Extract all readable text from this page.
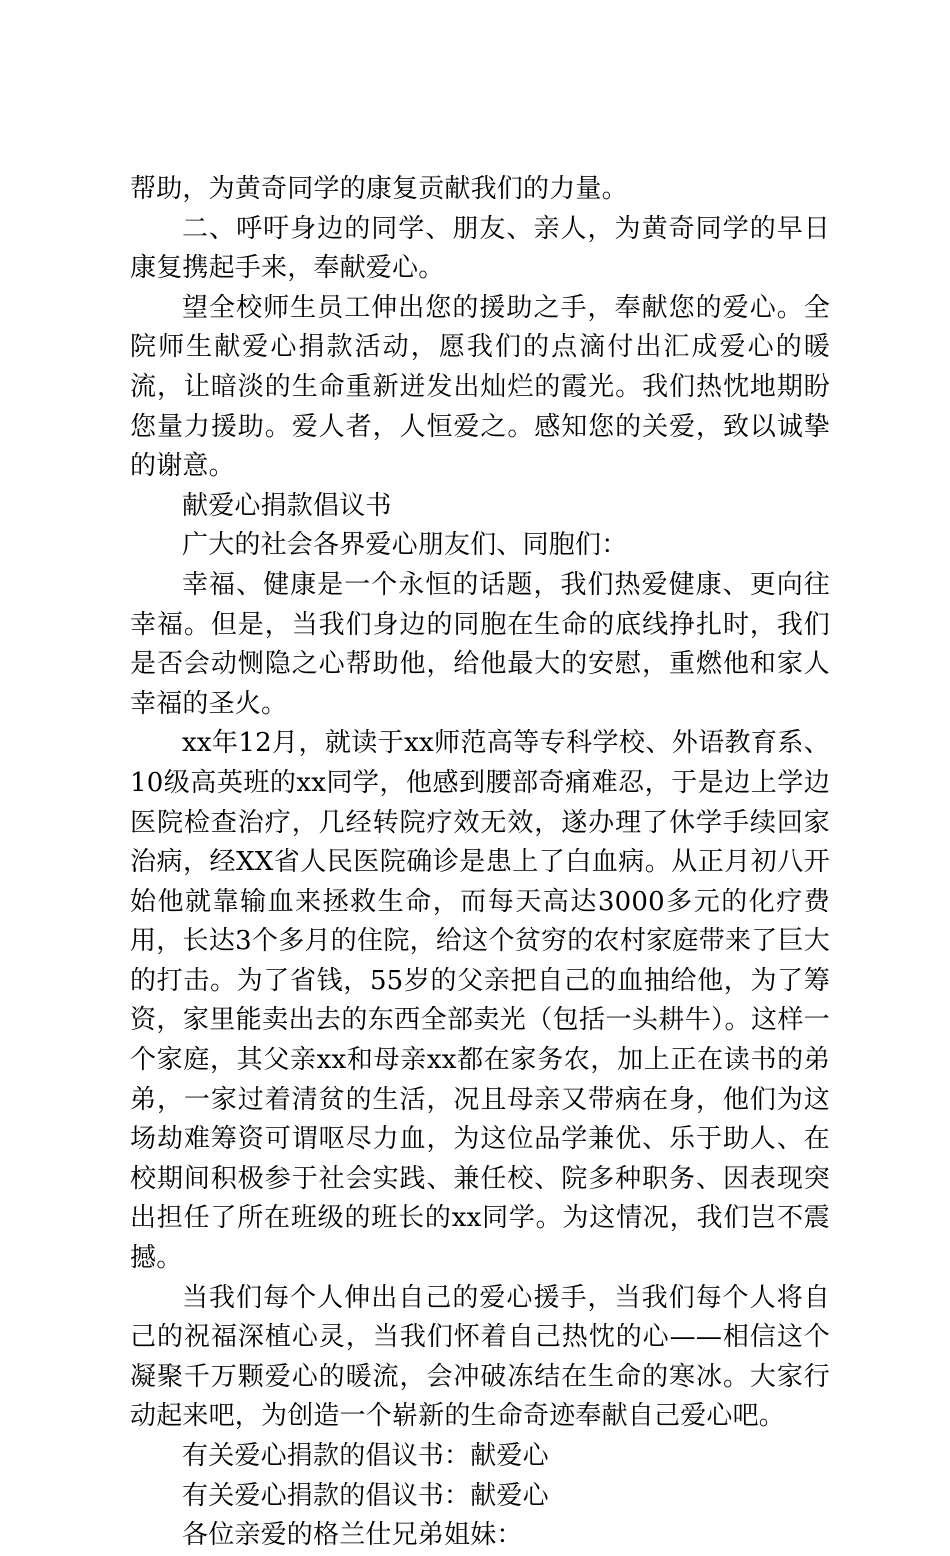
帮助，为黄奇同学的康复贡献我们的力量。

二、呼吁身边的同学、朋友、亲人，为黄奇同学的早日康复携起手来，奉献爱心。

望全校师生员工伸出您的援助之手，奉献您的爱心。全院师生献爱心捐款活动，愿我们的点滴付出汇成爱心的暖流，让暗淡的生命重新迸发出灿烂的霞光。我们热忱地期盼您量力援助。爱人者，人恒爱之。感知您的关爱，致以诚挚的谢意。

献爱心捐款倡议书

广大的社会各界爱心朋友们、同胞们：

幸福、健康是一个永恒的话题，我们热爱健康、更向往幸福。但是，当我们身边的同胞在生命的底线挣扎时，我们是否会动恻隐之心帮助他，给他最大的安慰，重燃他和家人幸福的圣火。

xx年12月，就读于xx师范高等专科学校、外语教育系、10级高英班的xx同学，他感到腰部奇痛难忍，于是边上学边医院检查治疗，几经转院疗效无效，遂办理了休学手续回家治病，经XX省人民医院确诊是患上了白血病。从正月初八开始他就靠输血来拯救生命，而每天高达3000多元的化疗费用，长达3个多月的住院，给这个贫穷的农村家庭带来了巨大的打击。为了省钱，55岁的父亲把自己的血抽给他，为了筹资，家里能卖出去的东西全部卖光（包括一头耕牛）。这样一个家庭，其父亲xx和母亲xx都在家务农，加上正在读书的弟弟，一家过着清贫的生活，况且母亲又带病在身，他们为这场劫难筹资可谓呕尽力血，为这位品学兼优、乐于助人、在校期间积极参于社会实践、兼任校、院多种职务、因表现突出担任了所在班级的班长的xx同学。为这情况，我们岂不震撼。

当我们每个人伸出自己的爱心援手，当我们每个人将自己的祝福深植心灵，当我们怀着自己热忱的心——相信这个凝聚千万颗爱心的暖流，会冲破冻结在生命的寒冰。大家行动起来吧，为创造一个崭新的生命奇迹奉献自己爱心吧。

有关爱心捐款的倡议书：献爱心

有关爱心捐款的倡议书：献爱心

各位亲爱的格兰仕兄弟姐妹：
